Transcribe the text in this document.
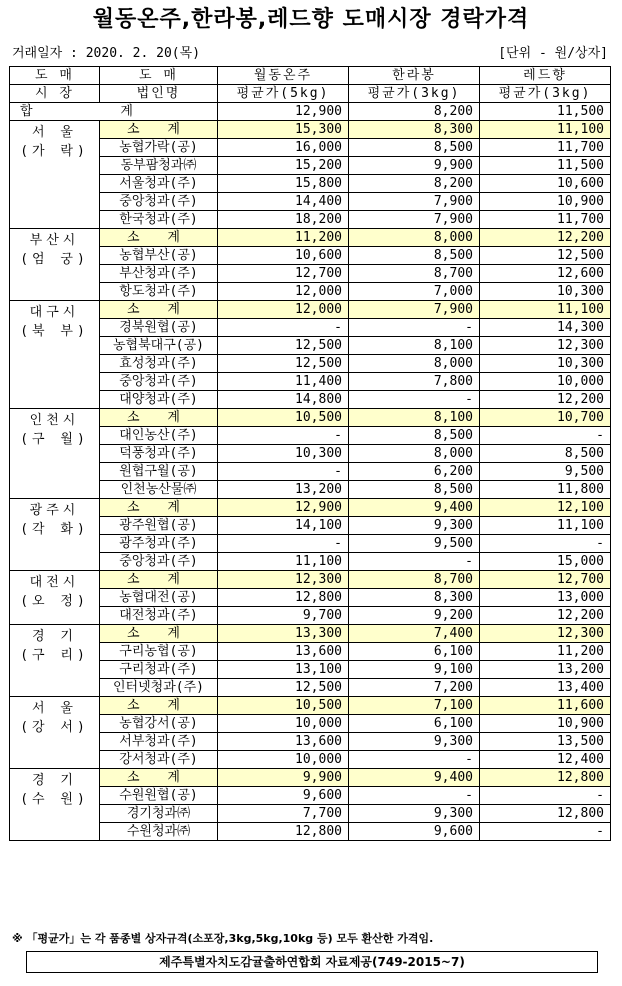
월동온주,한라봉,레드향 도매시장 경락가격
거래일자 : 2020. 2. 20(목)	[단위 - 원/상자]
도 매	도 매	월동온주	한라봉	레드향
시 장	법인명	평균가(5kg)	평균가(3kg)	평균가(3kg)
합 계		12,900	8,200	11,500

서 울
(가 락)	소 계	15,300	8,300	11,100
	농협가락(공)	16,000	8,500	11,700
	동부팜청과㈜	15,200	9,900	11,500
	서울청과(주)	15,800	8,200	10,600
	중앙청과(주)	14,400	7,900	10,900
	한국청과(주)	18,200	7,900	11,700

부산시
(엄 궁)	소 계	11,200	8,000	12,200
	농협부산(공)	10,600	8,500	12,500
	부산청과(주)	12,700	8,700	12,600
	항도청과(주)	12,000	7,000	10,300

대구시
(북 부)	소 계	12,000	7,900	11,100
	경북원협(공)	-	-	14,300
	농협북대구(공)	12,500	8,100	12,300
	효성청과(주)	12,500	8,000	10,300
	중앙청과(주)	11,400	7,800	10,000
	대양청과(주)	14,800	-	12,200

인천시
(구 월)	소 계	10,500	8,100	10,700
	대인농산(주)	-	8,500	-
	덕풍청과(주)	10,300	8,000	8,500
	원협구월(공)	-	6,200	9,500
	인천농산물㈜	13,200	8,500	11,800

광주시
(각 화)	소 계	12,900	9,400	12,100
	광주원협(공)	14,100	9,300	11,100
	광주청과(주)	-	9,500	-
	중앙청과(주)	11,100	-	15,000

대전시
(오 정)	소 계	12,300	8,700	12,700
	농협대전(공)	12,800	8,300	13,000
	대전청과(주)	9,700	9,200	12,200

경 기
(구 리)	소 계	13,300	7,400	12,300
	구리농협(공)	13,600	6,100	11,200
	구리청과(주)	13,100	9,100	13,200
	인터넷청과(주)	12,500	7,200	13,400

서 울
(강 서)	소 계	10,500	7,100	11,600
	농협강서(공)	10,000	6,100	10,900
	서부청과(주)	13,600	9,300	13,500
	강서청과(주)	10,000	-	12,400

경 기
(수 원)	소 계	9,900	9,400	12,800
	수원원협(공)	9,600	-	-
	경기청과㈜	7,700	9,300	12,800
	수원청과㈜	12,800	9,600	-
※ 「평균가」는 각 품종별 상자규격(소포장,3kg,5kg,10kg 등) 모두 환산한 가격임.
제주특별자치도감귤출하연합회 자료제공(749-2015~7)
